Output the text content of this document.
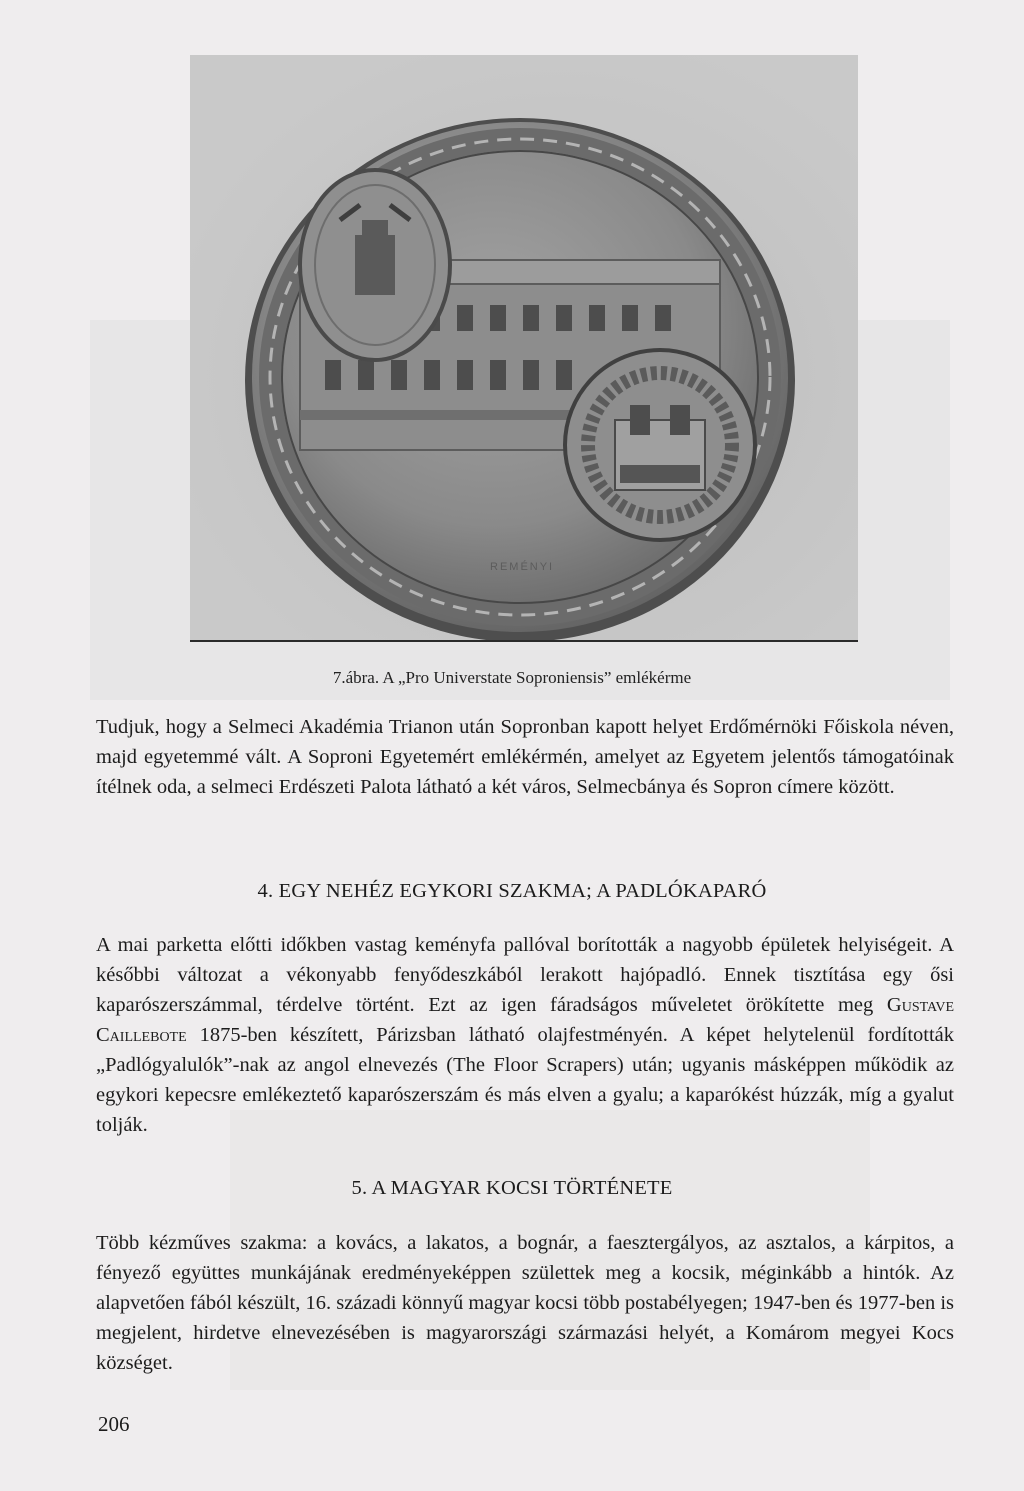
REMÉNYI
7.ábra. A „Pro Universtate Soproniensis” emlékérme

Tudjuk, hogy a Selmeci Akadémia Trianon után Sopronban kapott helyet Erdőmérnöki Főiskola néven, majd egyetemmé vált. A Soproni Egyetemért emlékérmén, amelyet az Egyetem jelentős támogatóinak ítélnek oda, a selmeci Erdészeti Palota látható a két város, Selmecbánya és Sopron címere között.

4. EGY NEHÉZ EGYKORI SZAKMA; A PADLÓKAPARÓ

A mai parketta előtti időkben vastag keményfa pallóval borították a nagyobb épületek helyiségeit. A későbbi változat a vékonyabb fenyődeszkából lerakott hajópadló. Ennek tisztítása egy ősi kaparószerszámmal, térdelve történt. Ezt az igen fáradságos műveletet örökítette meg Gustave Caillebote 1875-ben készített, Párizsban látható olajfestményén. A képet helytelenül fordították „Padlógyalulók”-nak az angol elnevezés (The Floor Scrapers) után; ugyanis másképpen működik az egykori kepecsre emlékeztető kaparószerszám és más elven a gyalu; a kaparókést húzzák, míg a gyalut tolják.

5. A MAGYAR KOCSI TÖRTÉNETE

Több kézműves szakma: a kovács, a lakatos, a bognár, a faesztergályos, az asztalos, a kárpitos, a fényező együttes munkájának eredményeképpen születtek meg a kocsik, méginkább a hintók. Az alapvetően fából készült, 16. századi könnyű magyar kocsi több postabélyegen; 1947-ben és 1977-ben is megjelent, hirdetve elnevezésében is magyarországi származási helyét, a Komárom megyei Kocs községet.

206
